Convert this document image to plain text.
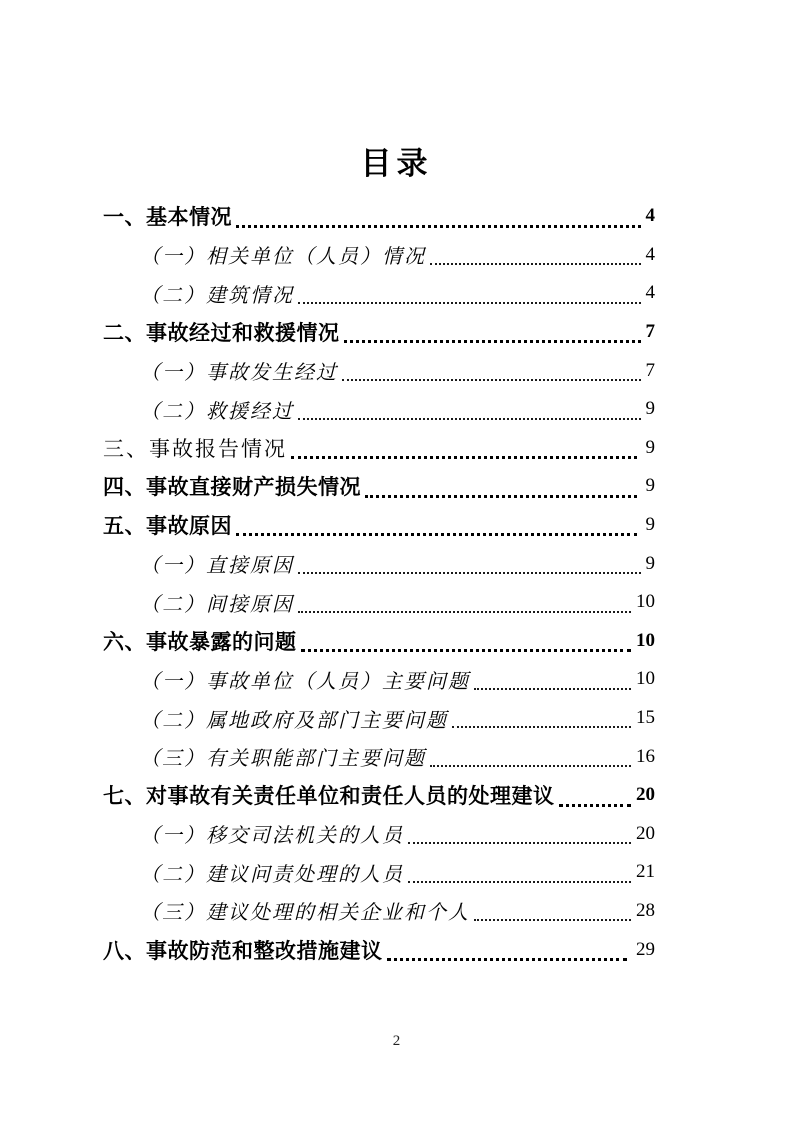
目录
一、基本情况	4
（一）相关单位（人员）情况	4
（二）建筑情况	4
二、事故经过和救援情况	7
（一）事故发生经过	7
（二）救援经过	9
三、事故报告情况	9
四、事故直接财产损失情况	9
五、事故原因	9
（一）直接原因	9
（二）间接原因	10
六、事故暴露的问题	10
（一）事故单位（人员）主要问题	10
（二）属地政府及部门主要问题	15
（三）有关职能部门主要问题	16
七、对事故有关责任单位和责任人员的处理建议	20
（一）移交司法机关的人员	20
（二）建议问责处理的人员	21
（三）建议处理的相关企业和个人	28
八、事故防范和整改措施建议	29
2
